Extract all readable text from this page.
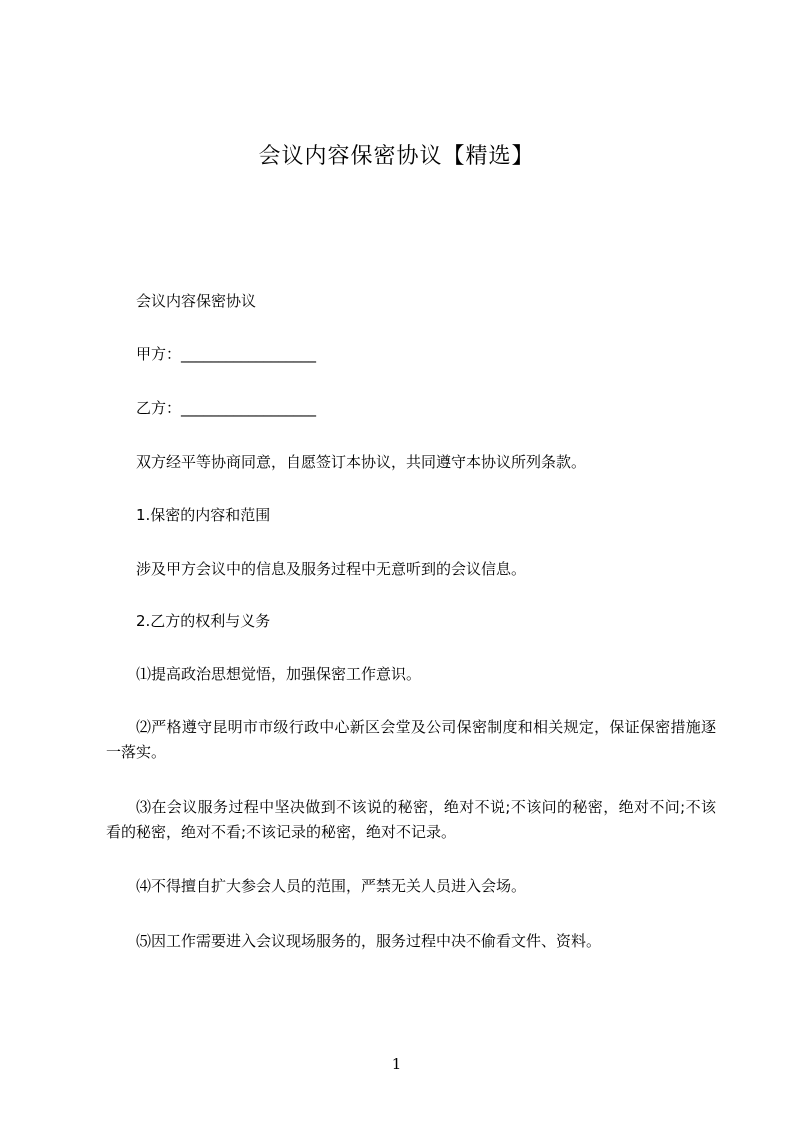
会议内容保密协议【精选】
会议内容保密协议
甲方：__________________
乙方：__________________
双方经平等协商同意，自愿签订本协议，共同遵守本协议所列条款。
1.保密的内容和范围
涉及甲方会议中的信息及服务过程中无意听到的会议信息。
2.乙方的权利与义务
⑴提高政治思想觉悟，加强保密工作意识。
⑵严格遵守昆明市市级行政中心新区会堂及公司保密制度和相关规定，保证保密措施逐一落实。
⑶在会议服务过程中坚决做到不该说的秘密，绝对不说;不该问的秘密，绝对不问;不该看的秘密，绝对不看;不该记录的秘密，绝对不记录。
⑷不得擅自扩大参会人员的范围，严禁无关人员进入会场。
⑸因工作需要进入会议现场服务的，服务过程中决不偷看文件、资料。
1
